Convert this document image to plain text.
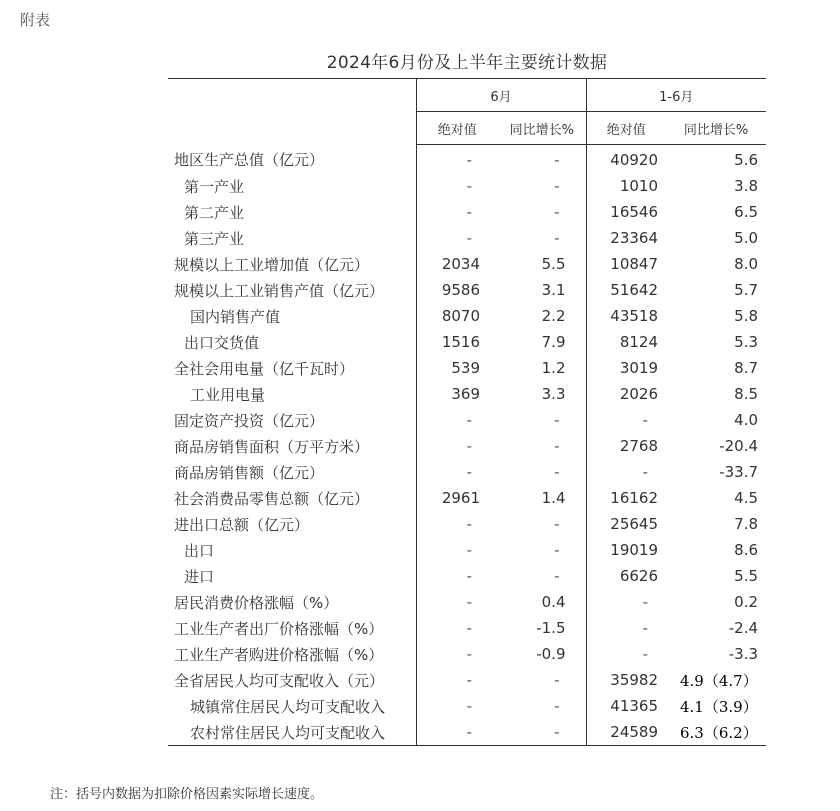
附表
2024年6月份及上半年主要统计数据
	6月		1-6月	
	绝对值	同比增长%	绝对值	同比增长%
地区生产总值（亿元）	-	-	40920	5.6
第一产业	-	-	1010	3.8
第二产业	-	-	16546	6.5
第三产业	-	-	23364	5.0
规模以上工业增加值（亿元）	2034	5.5	10847	8.0
规模以上工业销售产值（亿元）	9586	3.1	51642	5.7
国内销售产值	8070	2.2	43518	5.8
出口交货值	1516	7.9	8124	5.3
全社会用电量（亿千瓦时）	539	1.2	3019	8.7
工业用电量	369	3.3	2026	8.5
固定资产投资（亿元）	-	-	-	4.0
商品房销售面积（万平方米）	-	-	2768	-20.4
商品房销售额（亿元）	-	-	-	-33.7
社会消费品零售总额（亿元）	2961	1.4	16162	4.5
进出口总额（亿元）	-	-	25645	7.8
出口	-	-	19019	8.6
进口	-	-	6626	5.5
居民消费价格涨幅（%）	-	0.4	-	0.2
工业生产者出厂价格涨幅（%）	-	-1.5	-	-2.4
工业生产者购进价格涨幅（%）	-	-0.9	-	-3.3
全省居民人均可支配收入（元）	-	-	35982	4.9（4.7）
城镇常住居民人均可支配收入	-	-	41365	4.1（3.9）
农村常住居民人均可支配收入	-	-	24589	6.3（6.2）
注：括号内数据为扣除价格因素实际增长速度。
